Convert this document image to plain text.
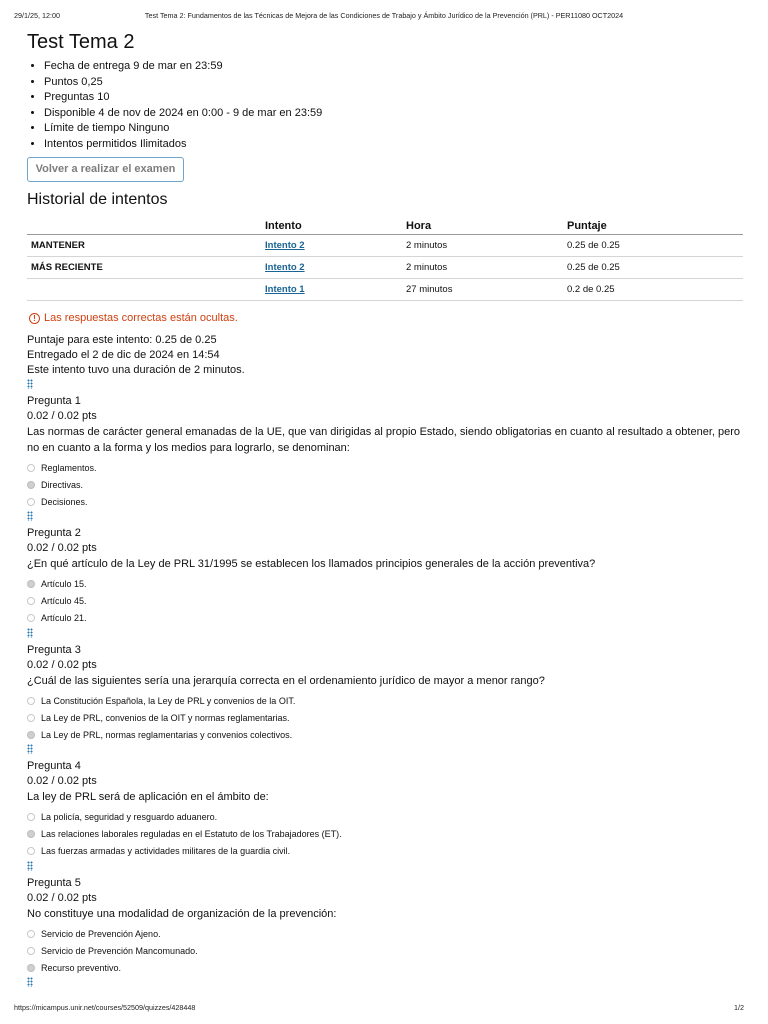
29/1/25, 12:00	Test Tema 2: Fundamentos de las Técnicas de Mejora de las Condiciones de Trabajo y Ámbito Jurídico de la Prevención (PRL) - PER11080 OCT2024
Test Tema 2
• Fecha de entrega 9 de mar en 23:59
• Puntos 0,25
• Preguntas 10
• Disponible 4 de nov de 2024 en 0:00 - 9 de mar en 23:59
• Límite de tiempo Ninguno
• Intentos permitidos Ilimitados
Volver a realizar el examen
Historial de intentos
	Intento	Hora	Puntaje
MANTENER	Intento 2	2 minutos	0.25 de 0.25
MÁS RECIENTE	Intento 2	2 minutos	0.25 de 0.25
	Intento 1	27 minutos	0.2 de 0.25
! Las respuestas correctas están ocultas.
Puntaje para este intento: 0.25 de 0.25
Entregado el 2 de dic de 2024 en 14:54
Este intento tuvo una duración de 2 minutos.
Pregunta 1
0.02 / 0.02 pts
Las normas de carácter general emanadas de la UE, que van dirigidas al propio Estado, siendo obligatorias en cuanto al resultado a obtener, pero no en cuanto a la forma y los medios para lograrlo, se denominan:
Reglamentos.
Directivas.
Decisiones.
Pregunta 2
0.02 / 0.02 pts
¿En qué artículo de la Ley de PRL 31/1995 se establecen los llamados principios generales de la acción preventiva?
Artículo 15.
Artículo 45.
Artículo 21.
Pregunta 3
0.02 / 0.02 pts
¿Cuál de las siguientes sería una jerarquía correcta en el ordenamiento jurídico de mayor a menor rango?
La Constitución Española, la Ley de PRL y convenios de la OIT.
La Ley de PRL, convenios de la OIT y normas reglamentarias.
La Ley de PRL, normas reglamentarias y convenios colectivos.
Pregunta 4
0.02 / 0.02 pts
La ley de PRL será de aplicación en el ámbito de:
La policía, seguridad y resguardo aduanero.
Las relaciones laborales reguladas en el Estatuto de los Trabajadores (ET).
Las fuerzas armadas y actividades militares de la guardia civil.
Pregunta 5
0.02 / 0.02 pts
No constituye una modalidad de organización de la prevención:
Servicio de Prevención Ajeno.
Servicio de Prevención Mancomunado.
Recurso preventivo.
https://micampus.unir.net/courses/52509/quizzes/428448	1/2
